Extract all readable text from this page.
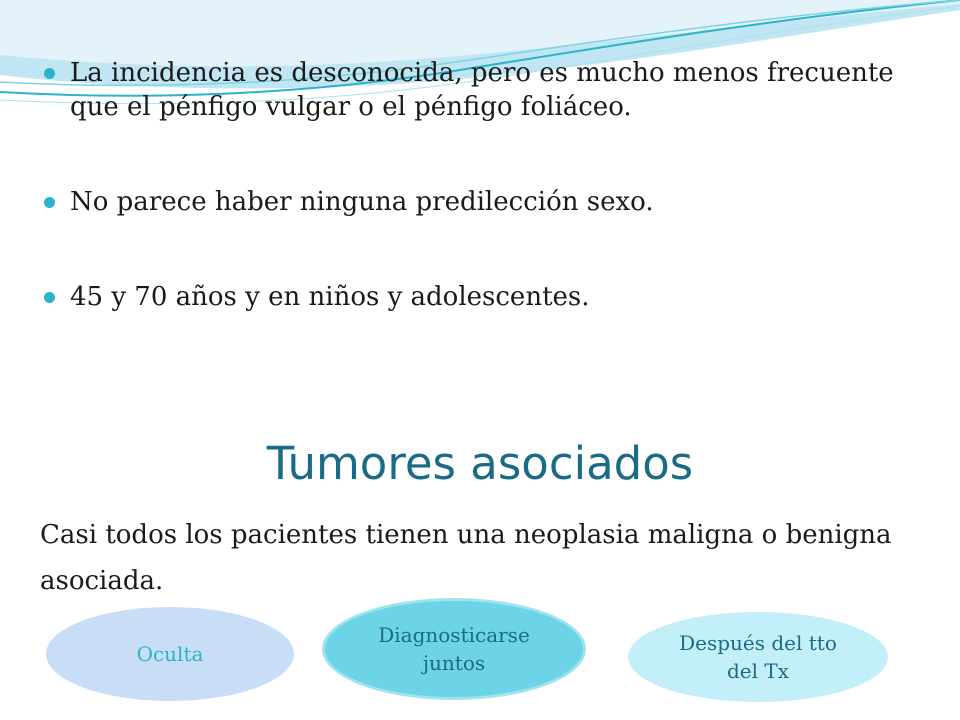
La incidencia es desconocida, pero es mucho menos frecuente que el pénfigo vulgar o el pénfigo foliáceo.
No parece haber ninguna predilección sexo.
45 y 70 años y en niños y adolescentes.
Tumores asociados
Casi todos los pacientes tienen una neoplasia maligna o benigna asociada.
Oculta
Diagnosticarse juntos
Después del tto del Tx
